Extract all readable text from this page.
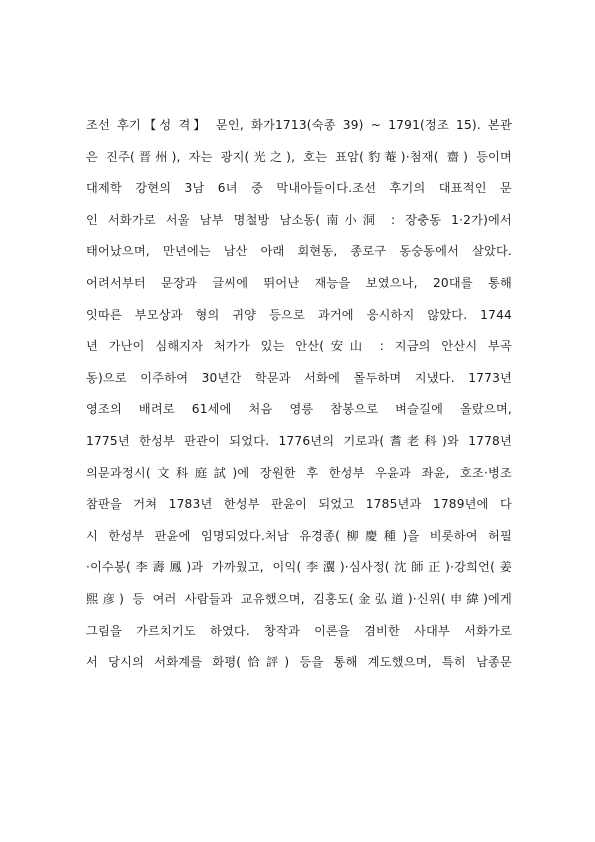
조선 후기【성 격】 문인, 화가1713(숙종 39) ~ 1791(정조 15). 본관
은 진주(晋州), 자는 광지(光之), 호는 표암(豹菴)·첨재( 齋) 등이며
대제학 강현의 3남 6녀 중 막내아들이다.조선 후기의 대표적인 문
인 서화가로 서울 남부 명철방 남소동(南小洞 : 장충동 1·2가)에서
태어났으며, 만년에는 남산 아래 회현동, 종로구 동숭동에서 살았다.
어려서부터 문장과 글씨에 뛰어난 재능을 보였으나, 20대를 통해
잇따른 부모상과 형의 귀양 등으로 과거에 응시하지 않았다. 1744
년 가난이 심해지자 처가가 있는 안산(安山 : 지금의 안산시 부곡
동)으로 이주하여 30년간 학문과 서화에 몰두하며 지냈다. 1773년
영조의 배려로 61세에 처음 영릉 참봉으로 벼슬길에 올랐으며,
1775년 한성부 판관이 되었다. 1776년의 기로과(耆老科)와 1778년
의문과정시(文科庭試)에 장원한 후 한성부 우윤과 좌윤, 호조·병조
참판을 거쳐 1783년 한성부 판윤이 되었고 1785년과 1789년에 다
시 한성부 판윤에 임명되었다.처남 유경종(柳慶種)을 비롯하여 허필
·이수봉(李壽鳳)과 가까웠고, 이익(李瀷)·심사정(沈師正)·강희언(姜
熙彦) 등 여러 사람들과 교유했으며, 김홍도(金弘道)·신위(申緯)에게
그림을 가르치기도 하였다. 창작과 이론을 겸비한 사대부 서화가로
서 당시의 서화계를 화평(恰評) 등을 통해 계도했으며, 특히 남종문
